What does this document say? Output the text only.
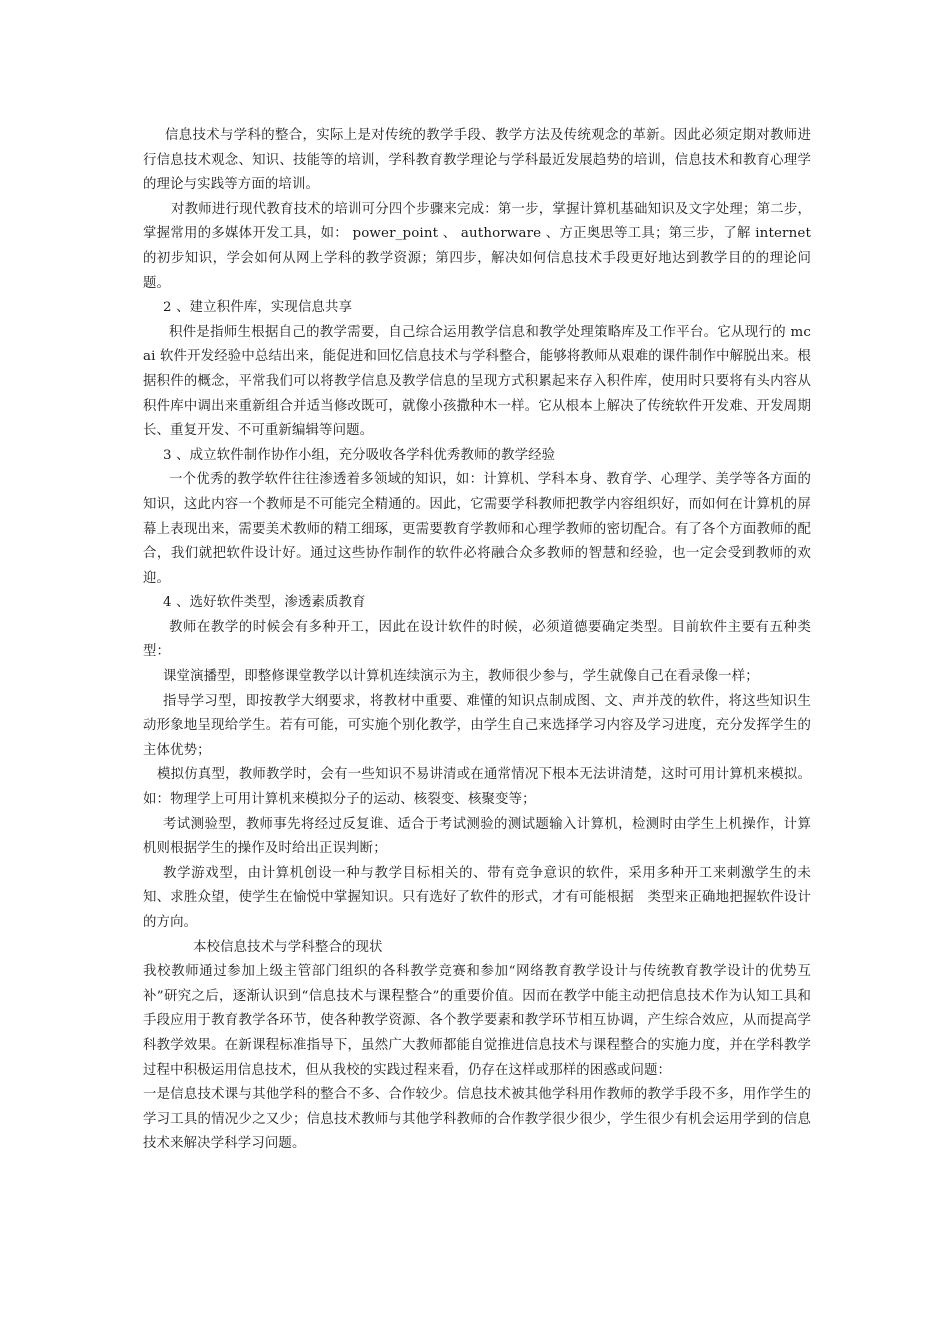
信息技术与学科的整合，实际上是对传统的教学手段、教学方法及传统观念的革新。因此必须定期对教师进行信息技术观念、知识、技能等的培训，学科教育教学理论与学科最近发展趋势的培训，信息技术和教育心理学的理论与实践等方面的培训。

对教师进行现代教育技术的培训可分四个步骤来完成：第一步，掌握计算机基础知识及文字处理；第二步，掌握常用的多媒体开发工具，如： power_point 、 authorware 、方正奥思等工具；第三步，了解 internet 的初步知识，学会如何从网上学科的教学资源；第四步，解决如何信息技术手段更好地达到教学目的的理论问题。

2 、建立积件库，实现信息共享

积件是指师生根据自己的教学需要，自己综合运用教学信息和教学处理策略库及工作平台。它从现行的 mcai 软件开发经验中总结出来，能促进和回忆信息技术与学科整合，能够将教师从艰难的课件制作中解脱出来。根据积件的概念，平常我们可以将教学信息及教学信息的呈现方式积累起来存入积件库，使用时只要将有头内容从积件库中调出来重新组合并适当修改既可，就像小孩撒种木一样。它从根本上解决了传统软件开发难、开发周期长、重复开发、不可重新编辑等问题。

3 、成立软件制作协作小组，充分吸收各学科优秀教师的教学经验

一个优秀的教学软件往往渗透着多领域的知识，如：计算机、学科本身、教育学、心理学、美学等各方面的知识，这此内容一个教师是不可能完全精通的。因此，它需要学科教师把教学内容组织好，而如何在计算机的屏幕上表现出来，需要美术教师的精工细琢，更需要教育学教师和心理学教师的密切配合。有了各个方面教师的配合，我们就把软件设计好。通过这些协作制作的软件必将融合众多教师的智慧和经验，也一定会受到教师的欢迎。

4 、选好软件类型，渗透素质教育

教师在教学的时候会有多种开工，因此在设计软件的时候，必须道德要确定类型。目前软件主要有五种类型：

课堂演播型，即整修课堂教学以计算机连续演示为主，教师很少参与，学生就像自己在看录像一样；

指导学习型，即按教学大纲要求，将教材中重要、难懂的知识点制成图、文、声并茂的软件，将这些知识生动形象地呈现给学生。若有可能，可实施个别化教学，由学生自己来选择学习内容及学习进度，充分发挥学生的主体优势；

模拟仿真型，教师教学时，会有一些知识不易讲清或在通常情况下根本无法讲清楚，这时可用计算机来模拟。如：物理学上可用计算机来模拟分子的运动、核裂变、核聚变等；

考试测验型，教师事先将经过反复谁、适合于考试测验的测试题输入计算机，检测时由学生上机操作，计算机则根据学生的操作及时给出正误判断；

教学游戏型，由计算机创设一种与教学目标相关的、带有竞争意识的软件，采用多种开工来刺激学生的未知、求胜众望，使学生在愉悦中掌握知识。只有选好了软件的形式，才有可能根据　类型来正确地把握软件设计的方向。

本校信息技术与学科整合的现状

我校教师通过参加上级主管部门组织的各科教学竞赛和参加“网络教育教学设计与传统教育教学设计的优势互补”研究之后，逐渐认识到“信息技术与课程整合”的重要价值。因而在教学中能主动把信息技术作为认知工具和手段应用于教育教学各环节，使各种教学资源、各个教学要素和教学环节相互协调，产生综合效应，从而提高学科教学效果。在新课程标准指导下，虽然广大教师都能自觉推进信息技术与课程整合的实施力度，并在学科教学过程中积极运用信息技术，但从我校的实践过程来看，仍存在这样或那样的困惑或问题：

一是信息技术课与其他学科的整合不多、合作较少。信息技术被其他学科用作教师的教学手段不多，用作学生的学习工具的情况少之又少；信息技术教师与其他学科教师的合作教学很少很少，学生很少有机会运用学到的信息技术来解决学科学习问题。
